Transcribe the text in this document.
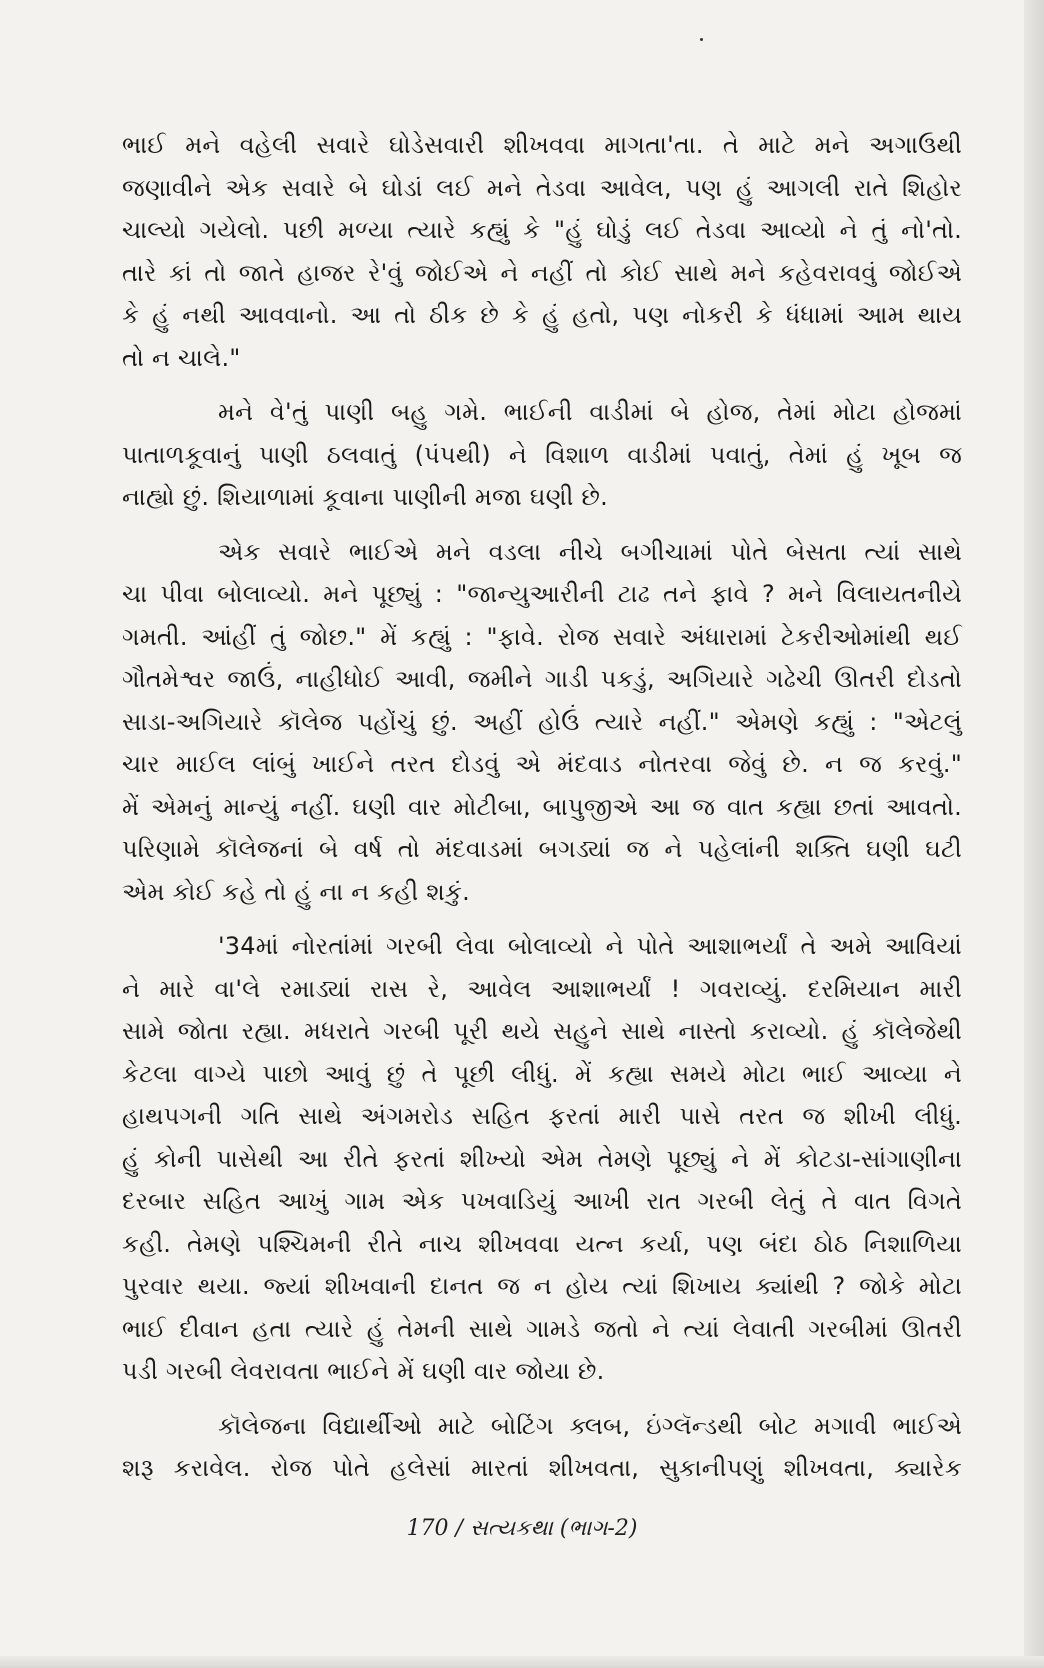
ભાઈ મને વહેલી સવારે ઘોડેસવારી શીખવવા માગતા'તા. તે માટે મને અગાઉથી
જણાવીને એક સવારે બે ઘોડાં લઈ મને તેડવા આવેલ, પણ હું આગલી રાતે શિહોર
ચાલ્યો ગયેલો. પછી મળ્યા ત્યારે કહ્યું કે "હું ઘોડું લઈ તેડવા આવ્યો ને તું નો'તો.
તારે કાં તો જાતે હાજર રે'વું જોઈએ ને નહીં તો કોઈ સાથે મને કહેવરાવવું જોઈએ
કે હું નથી આવવાનો. આ તો ઠીક છે કે હું હતો, પણ નોકરી કે ધંધામાં આમ થાય
તો ન ચાલે."
મને વે'તું પાણી બહુ ગમે. ભાઈની વાડીમાં બે હોજ, તેમાં મોટા હોજમાં
પાતાળકૂવાનું પાણી ઠલવાતું (પંપથી) ને વિશાળ વાડીમાં પવાતું, તેમાં હું ખૂબ જ
નાહ્યો છું. શિયાળામાં કૂવાના પાણીની મજા ઘણી છે.
એક સવારે ભાઈએ મને વડલા નીચે બગીચામાં પોતે બેસતા ત્યાં સાથે
ચા પીવા બોલાવ્યો. મને પૂછ્યું : "જાન્યુઆરીની ટાઢ તને ફાવે ? મને વિલાયતનીયે
ગમતી. આંહીં તું જોછ." મેં કહ્યું : "ફાવે. રોજ સવારે અંધારામાં ટેકરીઓમાંથી થઈ
ગૌતમેશ્વર જાઉં, નાહીધોઈ આવી, જમીને ગાડી પકડું, અગિયારે ગઢેચી ઊતરી દોડતો
સાડા-અગિયારે કૉલેજ પહોંચું છું. અહીં હોઉં ત્યારે નહીં." એમણે કહ્યું : "એટલું
ચાર માઈલ લાંબું ખાઈને તરત દોડવું એ મંદવાડ નોતરવા જેવું છે. ન જ કરવું."
મેં એમનું માન્યું નહીં. ઘણી વાર મોટીબા, બાપુજીએ આ જ વાત કહ્યા છતાં આવતો.
પરિણામે કૉલેજનાં બે વર્ષ તો મંદવાડમાં બગડ્યાં જ ને પહેલાંની શક્તિ ઘણી ઘટી
એમ કોઈ કહે તો હું ના ન કહી શકું.
'34માં નોરતાંમાં ગરબી લેવા બોલાવ્યો ને પોતે આશાભર્યાં તે અમે આવિયાં
ને મારે વા'લે રમાડ્યાં રાસ રે, આવેલ આશાભર્યાં ! ગવરાવ્યું. દરમિયાન મારી
સામે જોતા રહ્યા. મધરાતે ગરબી પૂરી થયે સહુને સાથે નાસ્તો કરાવ્યો. હું કૉલેજેથી
કેટલા વાગ્યે પાછો આવું છું તે પૂછી લીધું. મેં કહ્યા સમયે મોટા ભાઈ આવ્યા ને
હાથપગની ગતિ સાથે અંગમરોડ સહિત ફરતાં મારી પાસે તરત જ શીખી લીધું.
હું કોની પાસેથી આ રીતે ફરતાં શીખ્યો એમ તેમણે પૂછ્યું ને મેં કોટડા-સાંગાણીના
દરબાર સહિત આખું ગામ એક પખવાડિયું આખી રાત ગરબી લેતું તે વાત વિગતે
કહી. તેમણે પશ્ચિમની રીતે નાચ શીખવવા યત્ન કર્યા, પણ બંદા ઠોઠ નિશાળિયા
પુરવાર થયા. જ્યાં શીખવાની દાનત જ ન હોય ત્યાં શિખાય ક્યાંથી ? જોકે મોટા
ભાઈ દીવાન હતા ત્યારે હું તેમની સાથે ગામડે જતો ને ત્યાં લેવાતી ગરબીમાં ઊતરી
પડી ગરબી લેવરાવતા ભાઈને મેં ઘણી વાર જોયા છે.
કૉલેજના વિદ્યાર્થીઓ માટે બોટિંગ ક્લબ, ઇંગ્લૅન્ડથી બોટ મગાવી ભાઈએ
શરૂ કરાવેલ. રોજ પોતે હલેસાં મારતાં શીખવતા, સુકાનીપણું શીખવતા, ક્યારેક
170 / સત્યકથા (ભાગ-2)
